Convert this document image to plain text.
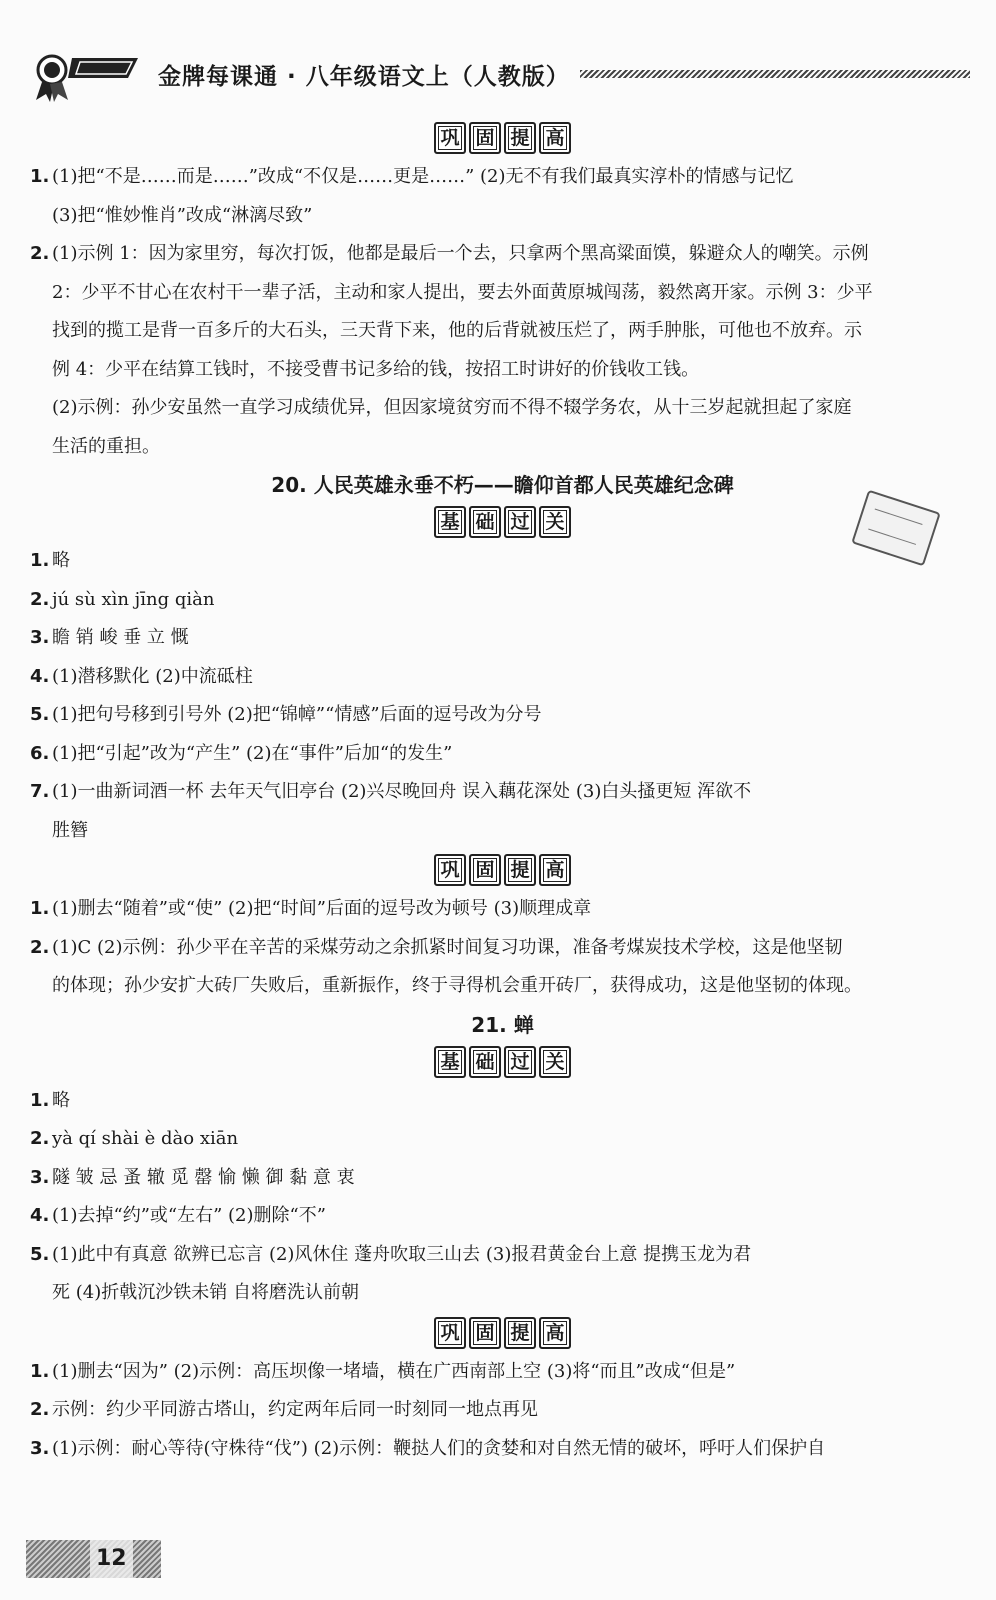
金牌每课通 · 八年级语文上（人教版）
巩 固 提 高
1. (1)把“不是……而是……”改成“不仅是……更是……” (2)无不有我们最真实淳朴的情感与记忆
(3)把“惟妙惟肖”改成“淋漓尽致”
2. (1)示例 1：因为家里穷，每次打饭，他都是最后一个去，只拿两个黑高粱面馍，躲避众人的嘲笑。示例
2：少平不甘心在农村干一辈子活，主动和家人提出，要去外面黄原城闯荡，毅然离开家。示例 3：少平
找到的揽工是背一百多斤的大石头，三天背下来，他的后背就被压烂了，两手肿胀，可他也不放弃。示
例 4：少平在结算工钱时，不接受曹书记多给的钱，按招工时讲好的价钱收工钱。
(2)示例：孙少安虽然一直学习成绩优异，但因家境贫穷而不得不辍学务农，从十三岁起就担起了家庭
生活的重担。
20. 人民英雄永垂不朽——瞻仰首都人民英雄纪念碑
基 础 过 关
1. 略
2. jú sù xìn jīng qiàn
3. 瞻 销 峻 垂 立 慨
4. (1)潜移默化 (2)中流砥柱
5. (1)把句号移到引号外 (2)把“锦幛”“情感”后面的逗号改为分号
6. (1)把“引起”改为“产生” (2)在“事件”后加“的发生”
7. (1)一曲新词酒一杯 去年天气旧亭台 (2)兴尽晚回舟 误入藕花深处 (3)白头搔更短 浑欲不
胜簪
巩 固 提 高
1. (1)删去“随着”或“使” (2)把“时间”后面的逗号改为顿号 (3)顺理成章
2. (1)C (2)示例：孙少平在辛苦的采煤劳动之余抓紧时间复习功课，准备考煤炭技术学校，这是他坚韧
的体现；孙少安扩大砖厂失败后，重新振作，终于寻得机会重开砖厂，获得成功，这是他坚韧的体现。
21. 蝉
基 础 过 关
1. 略
2. yà qí shài è dào xiān
3. 隧 皱 忌 蚤 辙 觅 罄 愉 懒 御 黏 意 衷
4. (1)去掉“约”或“左右” (2)删除“不”
5. (1)此中有真意 欲辨已忘言 (2)风休住 蓬舟吹取三山去 (3)报君黄金台上意 提携玉龙为君
死 (4)折戟沉沙铁未销 自将磨洗认前朝
巩 固 提 高
1. (1)删去“因为” (2)示例：高压坝像一堵墙，横在广西南部上空 (3)将“而且”改成“但是”
2. 示例：约少平同游古塔山，约定两年后同一时刻同一地点再见
3. (1)示例：耐心等待(守株待“伐”) (2)示例：鞭挞人们的贪婪和对自然无情的破坏，呼吁人们保护自
12
